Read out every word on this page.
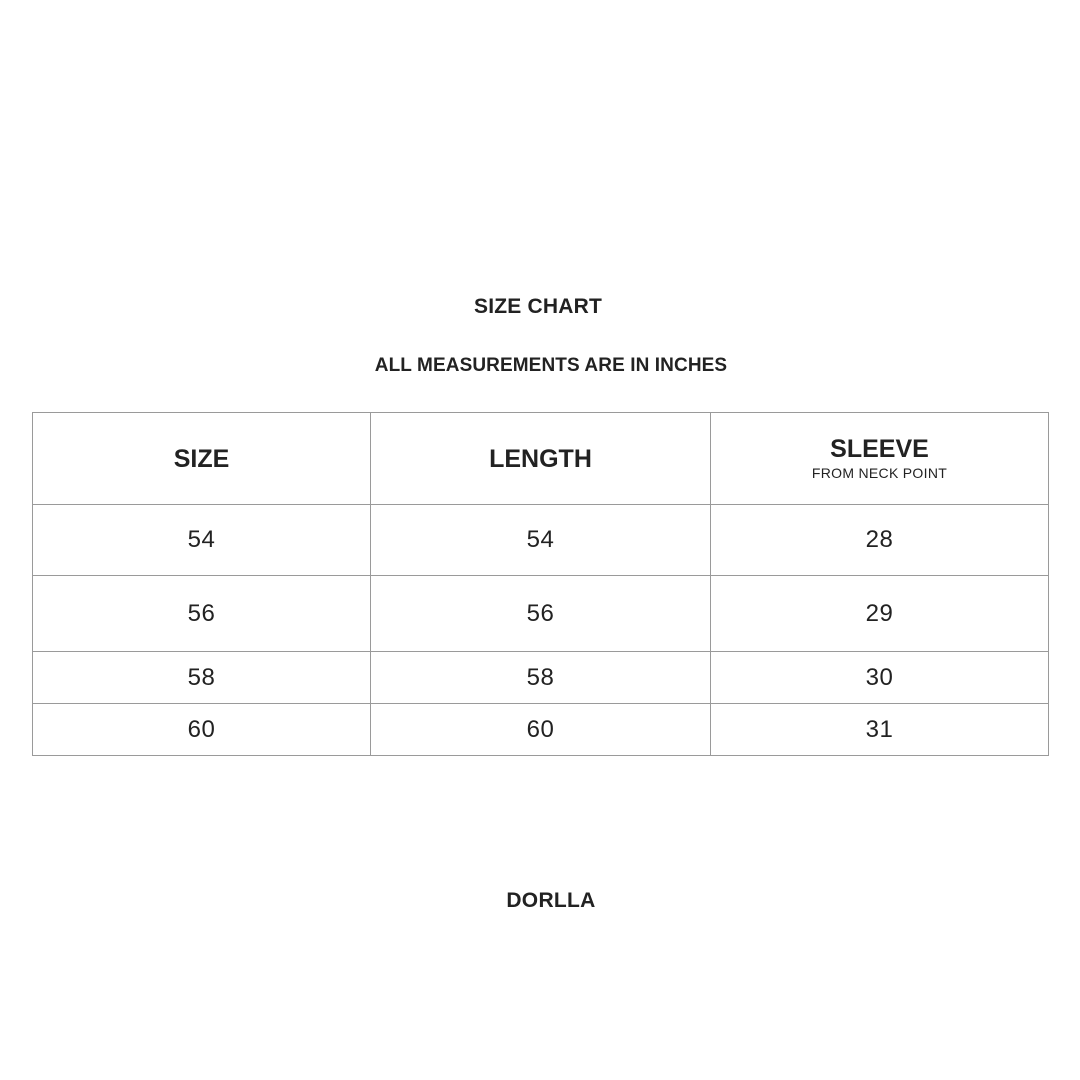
SIZE CHART
ALL MEASUREMENTS ARE IN INCHES
SIZE	LENGTH	SLEEVE
FROM NECK POINT

54	54	28
56	56	29
58	58	30
60	60	31
DORLLA
